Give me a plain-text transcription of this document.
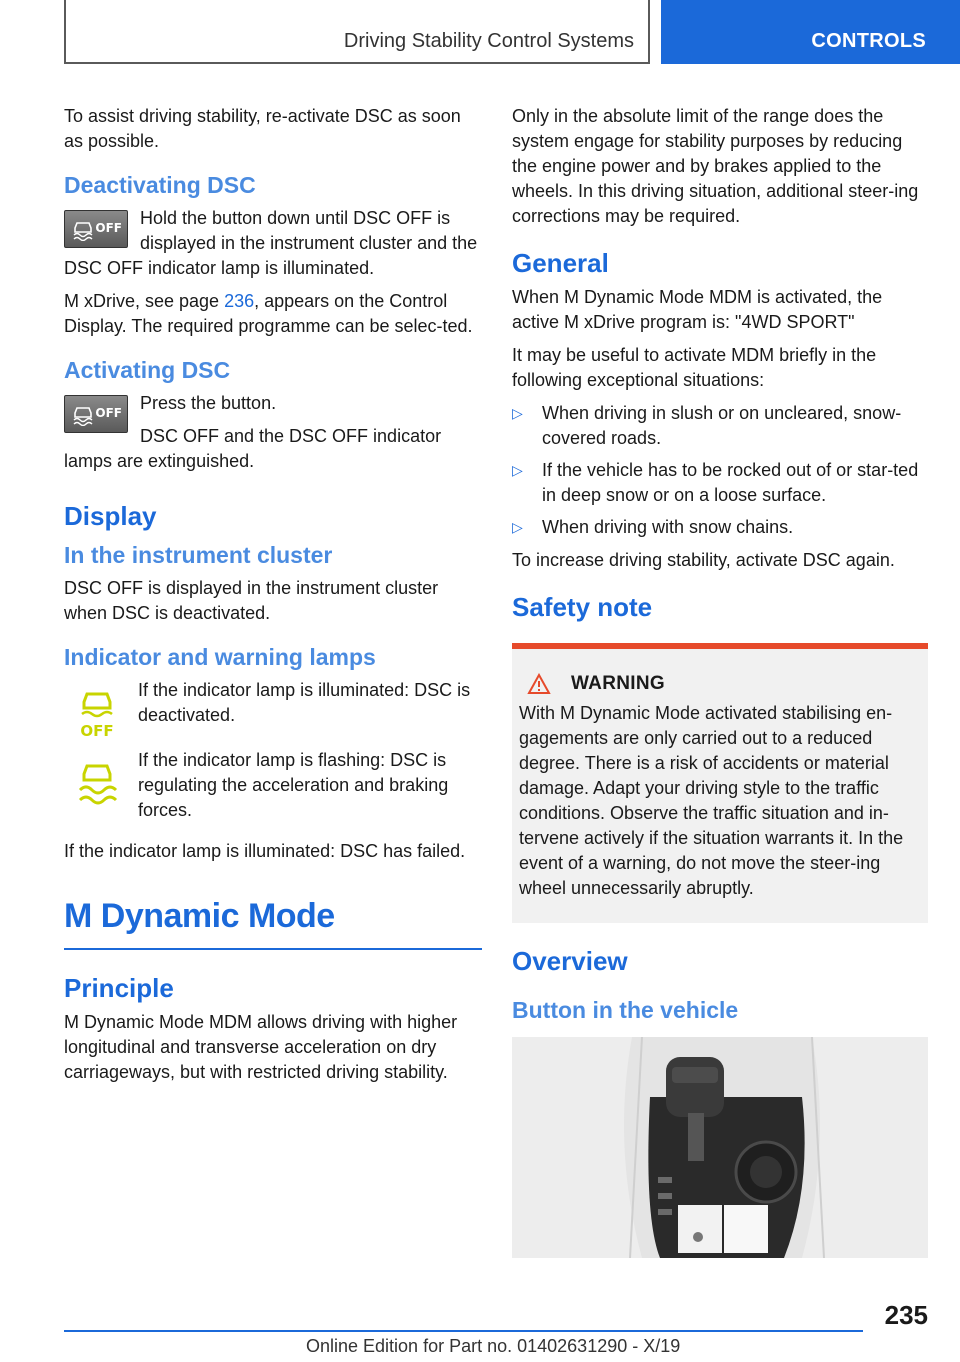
Driving Stability Control Systems	CONTROLS

To assist driving stability, re-activate DSC as soon as possible.

Deactivating DSC
OFF	Hold the button down until DSC OFF is displayed in the instrument cluster and the DSC OFF indicator lamp is illuminated.

M xDrive, see page 236, appears on the Control Display. The required programme can be selec-ted.

Activating DSC
OFF	Press the button.

DSC OFF and the DSC OFF indicator lamps are extinguished.

Display
In the instrument cluster

DSC OFF is displayed in the instrument cluster when DSC is deactivated.

Indicator and warning lamps
OFF

If the indicator lamp is illuminated: DSC is deactivated.

If the indicator lamp is flashing: DSC is regulating the acceleration and braking forces.

If the indicator lamp is illuminated: DSC has failed.

M Dynamic Mode
Principle

M Dynamic Mode MDM allows driving with higher longitudinal and transverse acceleration on dry carriageways, but with restricted driving stability.

Only in the absolute limit of the range does the system engage for stability purposes by reducing the engine power and by brakes applied to the wheels. In this driving situation, additional steer-ing corrections may be required.

General

When M Dynamic Mode MDM is activated, the active M xDrive program is: "4WD SPORT"

It may be useful to activate MDM briefly in the following exceptional situations:

▷ When driving in slush or on uncleared, snow-covered roads.
▷ If the vehicle has to be rocked out of or star-ted in deep snow or on a loose surface.
▷ When driving with snow chains.

To increase driving stability, activate DSC again.

Safety note
WARNING

With M Dynamic Mode activated stabilising en-gagements are only carried out to a reduced degree. There is a risk of accidents or material damage. Adapt your driving style to the traffic conditions. Observe the traffic situation and in-tervene actively if the situation warrants it. In the event of a warning, do not move the steer-ing wheel unnecessarily abruptly.

Overview
Button in the vehicle
235
Online Edition for Part no. 01402631290 - X/19
